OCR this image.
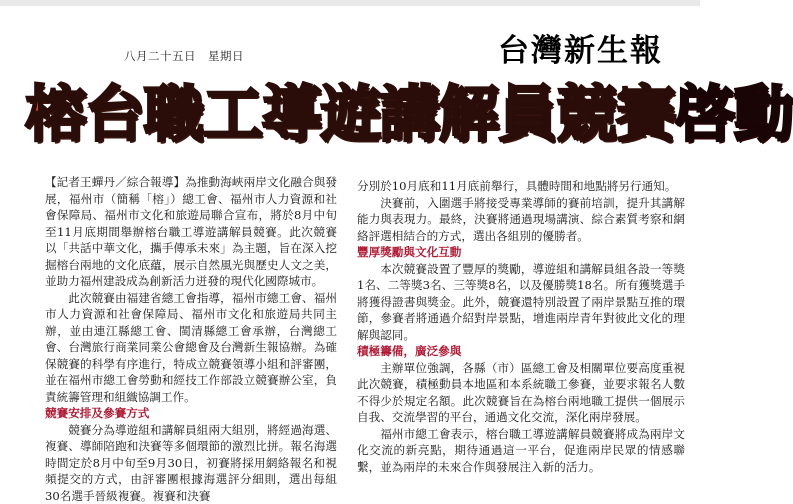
八月二十五日　星期日	台灣新生報
榕台職工導遊講解員競賽啓動

【記者王蟬丹／綜合報導】為推動海峽兩岸文化融合與發展，福州市（簡稱「榕」）總工會、福州市人力資源和社會保障局、福州市文化和旅遊局聯合宣布，將於8月中旬至11月底期間舉辦榕台職工導遊講解員競賽。此次競賽以「共話中華文化，攜手傳承未來」為主題，旨在深入挖掘榕台兩地的文化底蘊，展示自然風光與歷史人文之美，並助力福州建設成為創新活力迸發的現代化國際城市。

此次競賽由福建省總工會指導，福州市總工會、福州市人力資源和社會保障局、福州市文化和旅遊局共同主辦，並由連江縣總工會、閩清縣總工會承辦，台灣總工會、台灣旅行商業同業公會總會及台灣新生報協辦。為確保競賽的科學有序進行，特成立競賽領導小組和評審團，並在福州市總工會勞動和經技工作部設立競賽辦公室，負責統籌管理和組織協調工作。

競賽安排及參賽方式

競賽分為導遊組和講解員組兩大組別，將經過海選、複賽、導師陪跑和決賽等多個環節的激烈比拼。報名海選時間定於8月中旬至9月30日，初賽將採用網絡報名和視頻提交的方式，由評審團根據海選評分細則，選出每組30名選手晉級複賽。複賽和決賽

分別於10月底和11月底前舉行，具體時間和地點將另行通知。

決賽前，入圍選手將接受專業導師的賽前培訓，提升其講解能力與表現力。最終，決賽將通過現場講演、綜合素質考察和網絡評選相結合的方式，選出各組別的優勝者。

豐厚獎勵與文化互動

本次競賽設置了豐厚的獎勵，導遊組和講解員組各設一等獎1名、二等獎3名、三等獎8名，以及優勝獎18名。所有獲獎選手將獲得證書與獎金。此外，競賽還特別設置了兩岸景點互推的環節，參賽者將通過介紹對岸景點，增進兩岸青年對彼此文化的理解與認同。

積極籌備，廣泛參與

主辦單位強調，各縣（市）區總工會及相關單位要高度重視此次競賽，積極動員本地區和本系統職工參賽，並要求報名人數不得少於規定名額。此次競賽旨在為榕台兩地職工提供一個展示自我、交流學習的平台，通過文化交流，深化兩岸發展。

福州市總工會表示，榕台職工導遊講解員競賽將成為兩岸文化交流的新亮點，期待通過這一平台，促進兩岸民眾的情感聯繫，並為兩岸的未來合作與發展注入新的活力。
